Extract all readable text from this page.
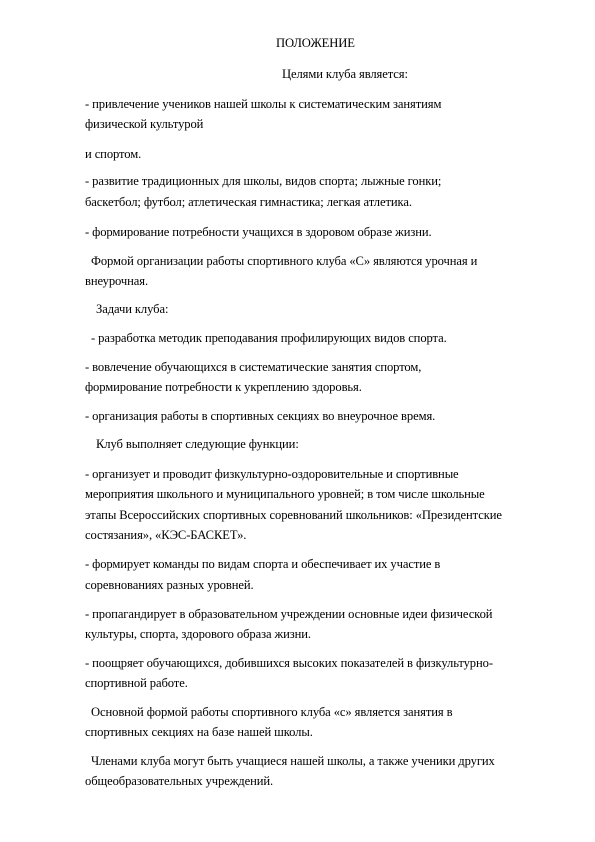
ПОЛОЖЕНИЕ
Целями клуба является:
- привлечение учеников нашей школы к систематическим занятиям
физической культурой
и спортом.
- развитие традиционных для школы, видов спорта; лыжные гонки;
баскетбол; футбол; атлетическая гимнастика; легкая атлетика.
- формирование потребности учащихся в здоровом образе жизни.
Формой организации работы спортивного клуба «С» являются урочная и
внеурочная.
Задачи клуба:
- разработка методик преподавания профилирующих видов спорта.
- вовлечение обучающихся в систематические занятия спортом,
формирование потребности к укреплению здоровья.
- организация работы в спортивных секциях во внеурочное время.
Клуб выполняет следующие функции:
- организует и проводит физкультурно-оздоровительные и спортивные
мероприятия школьного и муниципального уровней; в том числе школьные
этапы Всероссийских спортивных соревнований школьников: «Президентские
состязания», «КЭС-БАСКЕТ».
- формирует команды по видам спорта и обеспечивает их участие в
соревнованиях разных уровней.
- пропагандирует в образовательном учреждении основные идеи физической
культуры, спорта, здорового образа жизни.
- поощряет обучающихся, добившихся высоких показателей в физкультурно-
спортивной работе.
Основной формой работы спортивного клуба «с» является занятия в
спортивных секциях на базе нашей школы.
Членами клуба могут быть учащиеся нашей школы, а также ученики других
общеобразовательных учреждений.
